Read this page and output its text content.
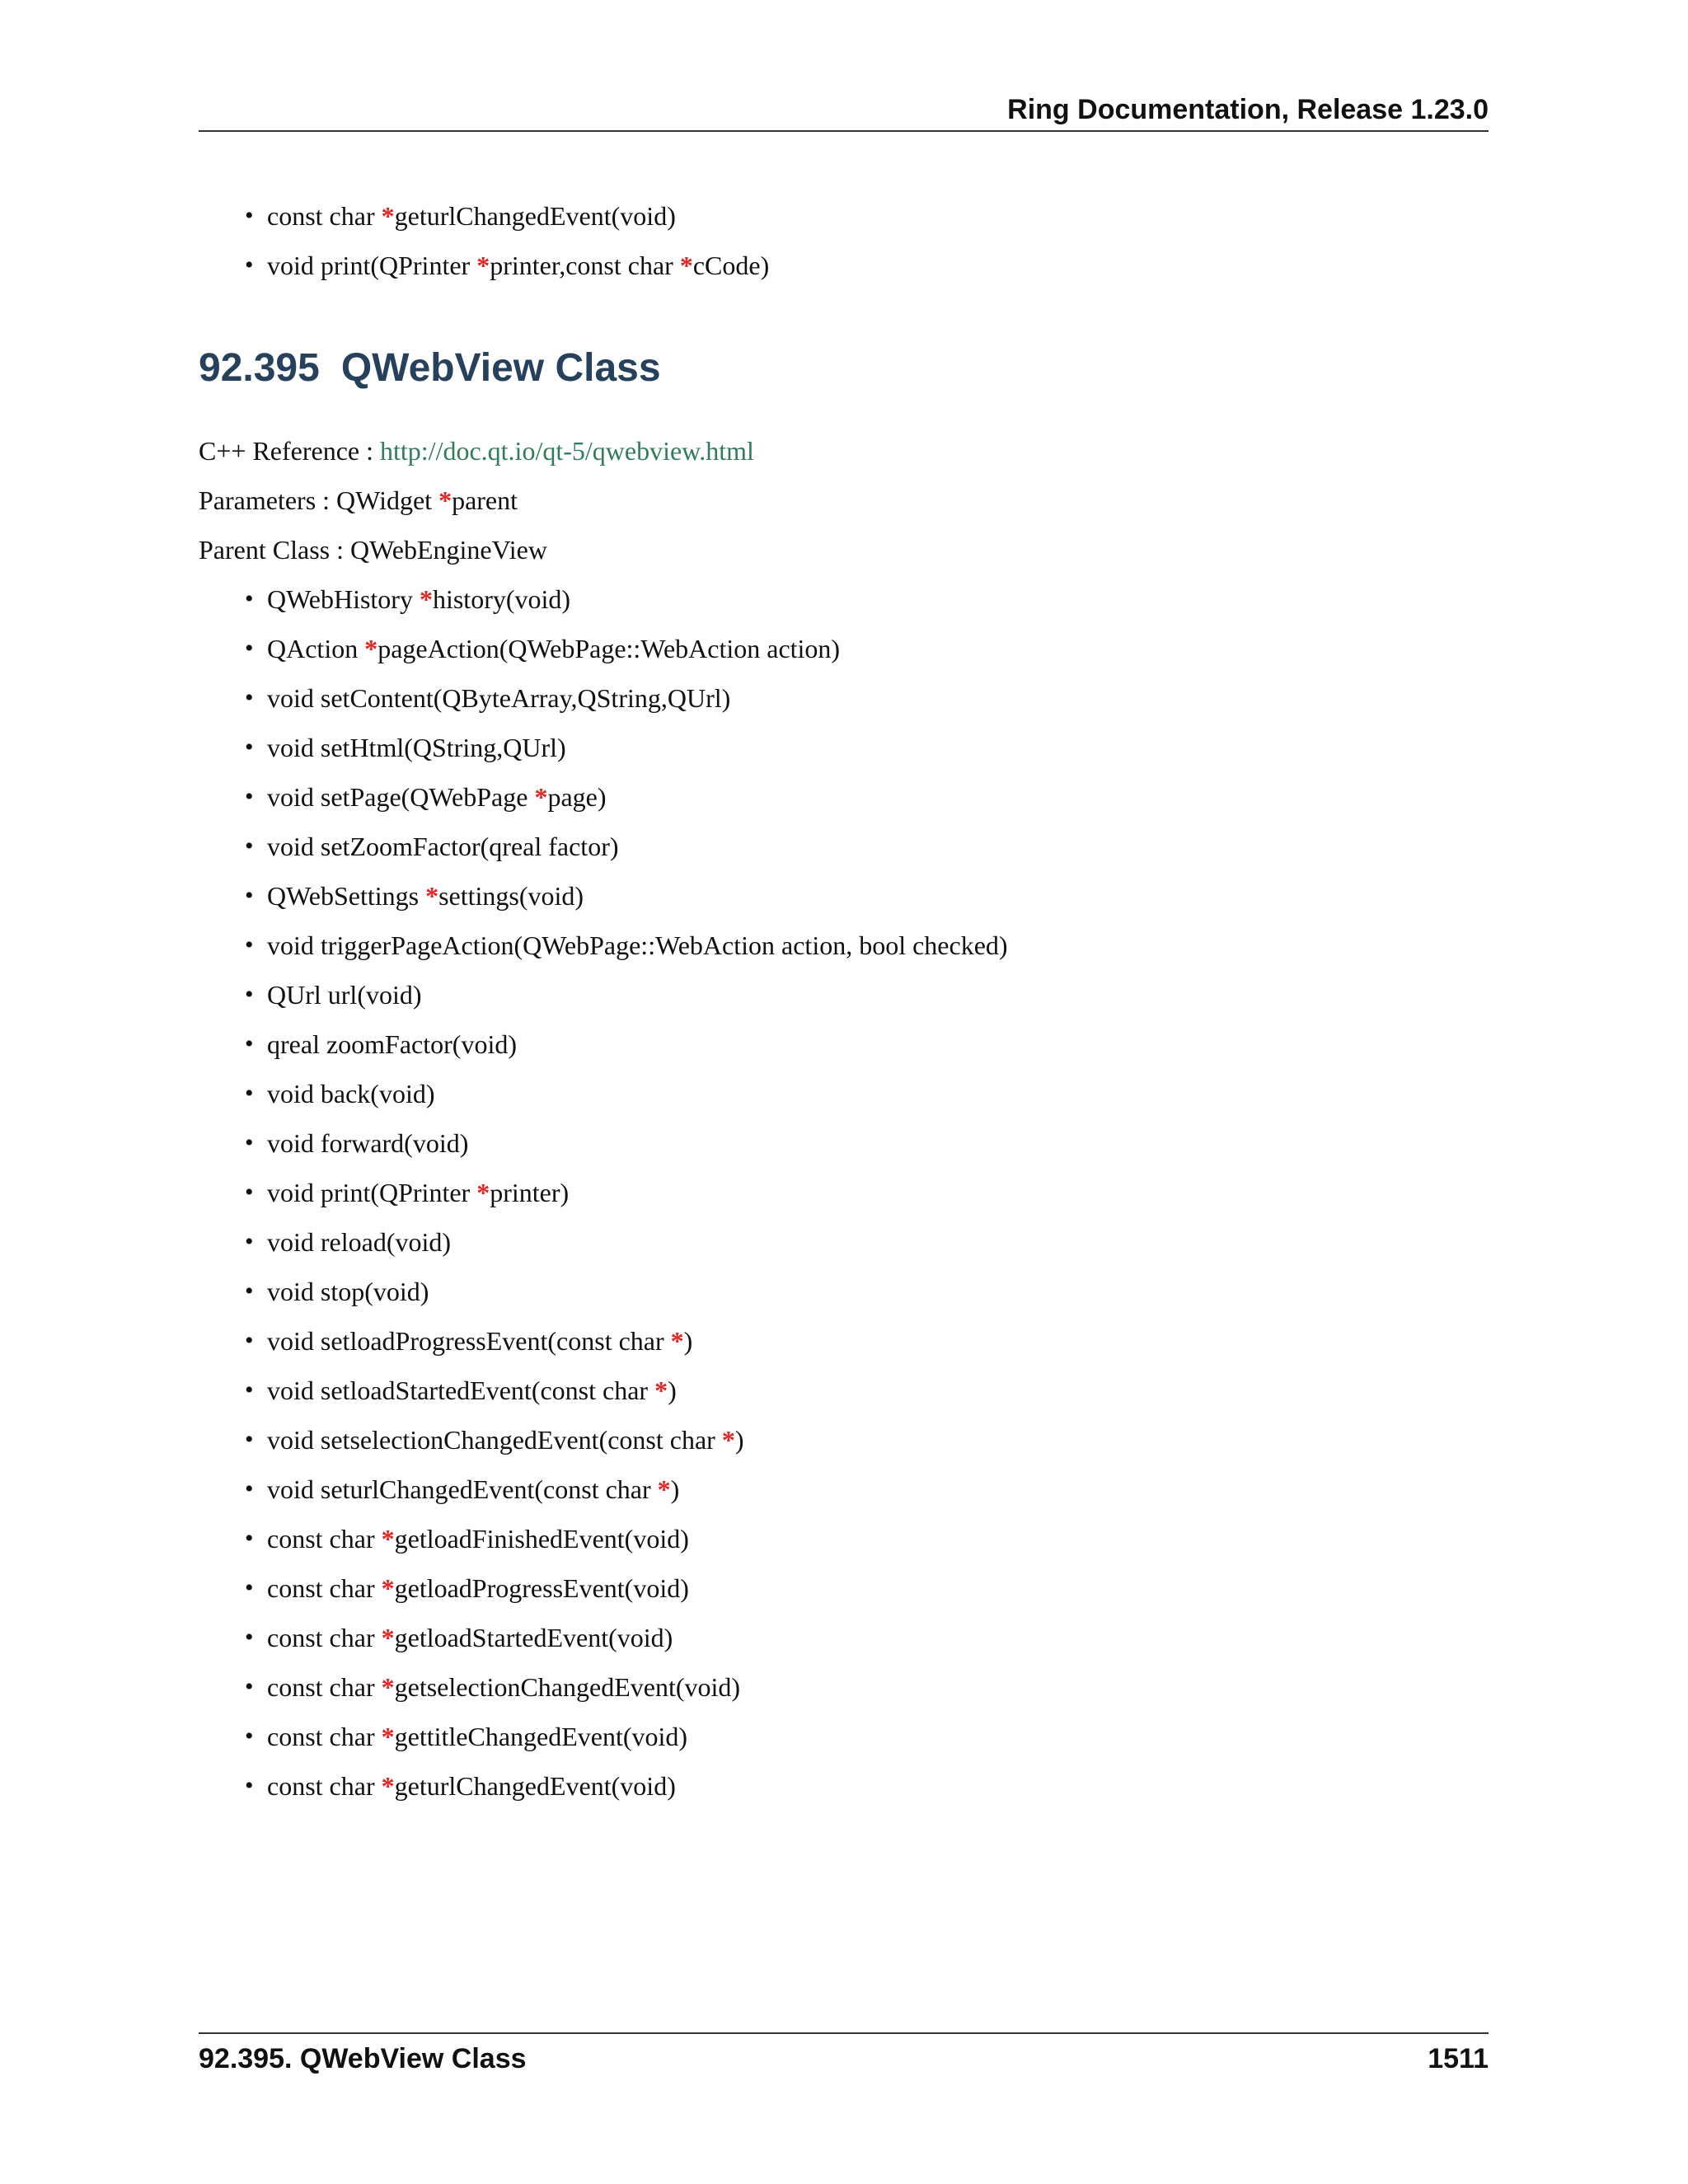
Ring Documentation, Release 1.23.0
• const char *geturlChangedEvent(void)
• void print(QPrinter *printer,const char *cCode)
92.395 QWebView Class
C++ Reference : http://doc.qt.io/qt-5/qwebview.html
Parameters : QWidget *parent
Parent Class : QWebEngineView
• QWebHistory *history(void)
• QAction *pageAction(QWebPage::WebAction action)
• void setContent(QByteArray,QString,QUrl)
• void setHtml(QString,QUrl)
• void setPage(QWebPage *page)
• void setZoomFactor(qreal factor)
• QWebSettings *settings(void)
• void triggerPageAction(QWebPage::WebAction action, bool checked)
• QUrl url(void)
• qreal zoomFactor(void)
• void back(void)
• void forward(void)
• void print(QPrinter *printer)
• void reload(void)
• void stop(void)
• void setloadProgressEvent(const char *)
• void setloadStartedEvent(const char *)
• void setselectionChangedEvent(const char *)
• void seturlChangedEvent(const char *)
• const char *getloadFinishedEvent(void)
• const char *getloadProgressEvent(void)
• const char *getloadStartedEvent(void)
• const char *getselectionChangedEvent(void)
• const char *gettitleChangedEvent(void)
• const char *geturlChangedEvent(void)
92.395. QWebView Class	1511
